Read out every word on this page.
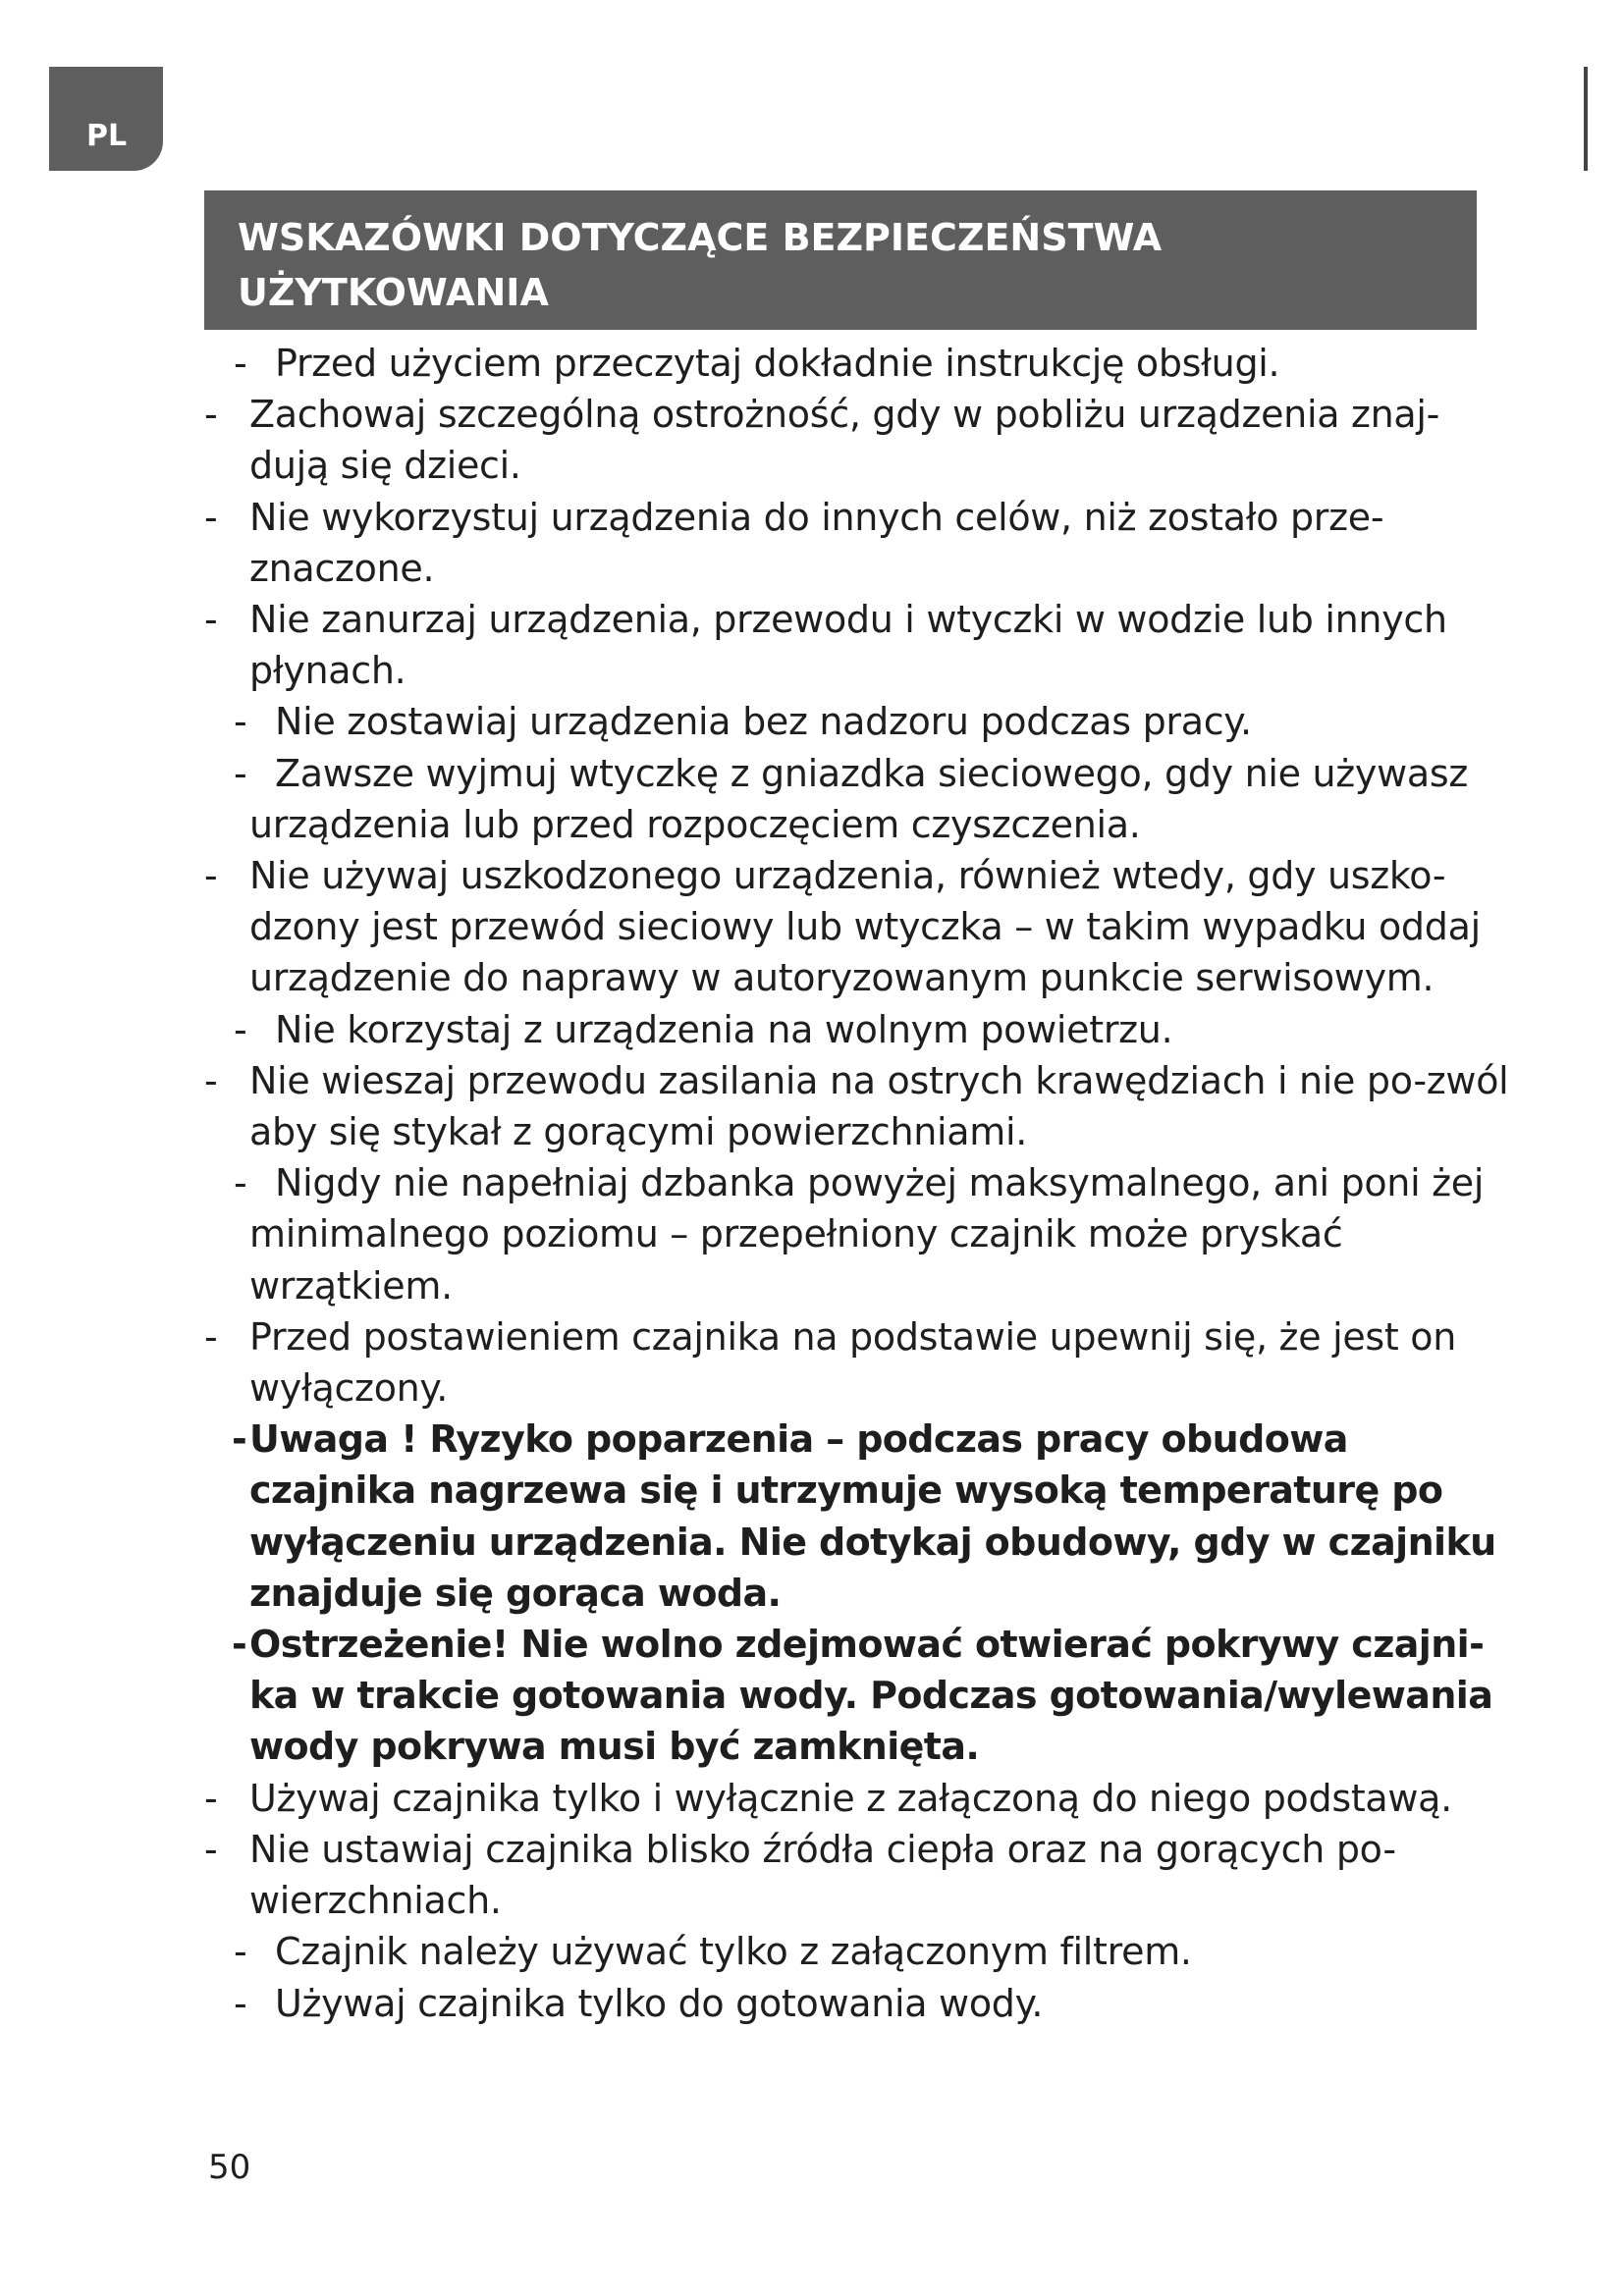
PL
WSKAZÓWKI DOTYCZĄCE BEZPIECZEŃSTWA
UŻYTKOWANIA
- Przed użyciem przeczytaj dokładnie instrukcję obsługi.
- Zachowaj szczególną ostrożność, gdy w pobliżu urządzenia znaj-dują się dzieci.
- Nie wykorzystuj urządzenia do innych celów, niż zostało prze-znaczone.
- Nie zanurzaj urządzenia, przewodu i wtyczki w wodzie lub innych płynach.
- Nie zostawiaj urządzenia bez nadzoru podczas pracy.
- Zawsze wyjmuj wtyczkę z gniazdka sieciowego, gdy nie używasz urządzenia lub przed rozpoczęciem czyszczenia.
- Nie używaj uszkodzonego urządzenia, również wtedy, gdy uszko-dzony jest przewód sieciowy lub wtyczka – w takim wypadku oddaj urządzenie do naprawy w autoryzowanym punkcie serwisowym.
- Nie korzystaj z urządzenia na wolnym powietrzu.
- Nie wieszaj przewodu zasilania na ostrych krawędziach i nie po-zwól aby się stykał z gorącymi powierzchniami.
- Nigdy nie napełniaj dzbanka powyżej maksymalnego, ani poni żej minimalnego poziomu – przepełniony czajnik może pryskać wrzątkiem.
- Przed postawieniem czajnika na podstawie upewnij się, że jest on wyłączony.
- Uwaga ! Ryzyko poparzenia – podczas pracy obudowa czajnika nagrzewa się i utrzymuje wysoką temperaturę po wyłączeniu urządzenia. Nie dotykaj obudowy, gdy w czajniku znajduje się gorąca woda.
- Ostrzeżenie! Nie wolno zdejmować otwierać pokrywy czajni-ka w trakcie gotowania wody. Podczas gotowania/wylewania wody pokrywa musi być zamknięta.
- Używaj czajnika tylko i wyłącznie z załączoną do niego podstawą.
- Nie ustawiaj czajnika blisko źródła ciepła oraz na gorących po-wierzchniach.
- Czajnik należy używać tylko z załączonym filtrem.
- Używaj czajnika tylko do gotowania wody.
50
